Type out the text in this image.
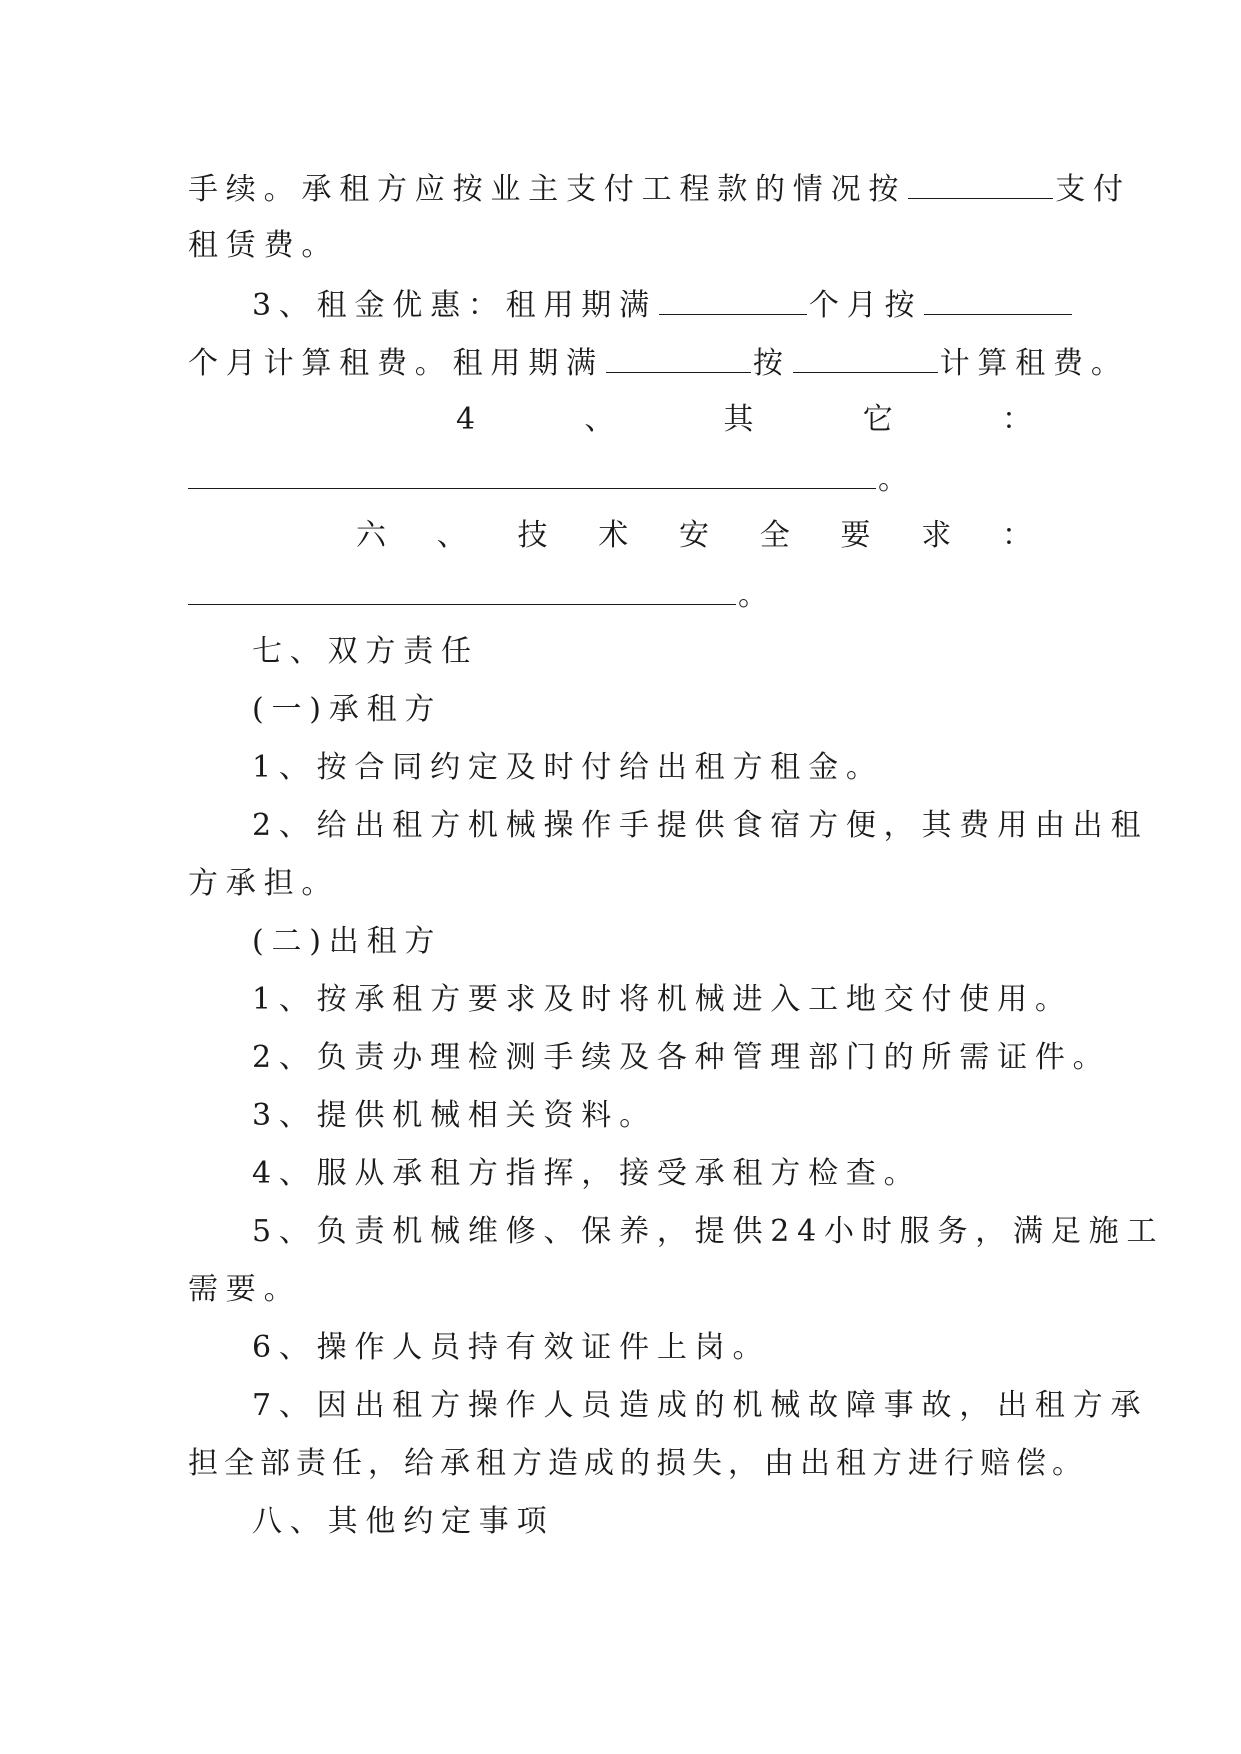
手续。承租方应按业主支付工程款的情况按	支付
租赁费。
3、租金优惠：租用期满	个月按
个月计算租费。租用期满	按	计算租费。
4	、	其	它	：
。
六 、 技 术 安 全 要 求 ：
。
七、双方责任
(一)承租方
1、按合同约定及时付给出租方租金。
2、给出租方机械操作手提供食宿方便，其费用由出租
方承担。
(二)出租方
1、按承租方要求及时将机械进入工地交付使用。
2、负责办理检测手续及各种管理部门的所需证件。
3、提供机械相关资料。
4、服从承租方指挥，接受承租方检查。
5、负责机械维修、保养，提供24小时服务，满足施工
需要。
6、操作人员持有效证件上岗。
7、因出租方操作人员造成的机械故障事故，出租方承
担全部责任，给承租方造成的损失，由出租方进行赔偿。
八、其他约定事项
